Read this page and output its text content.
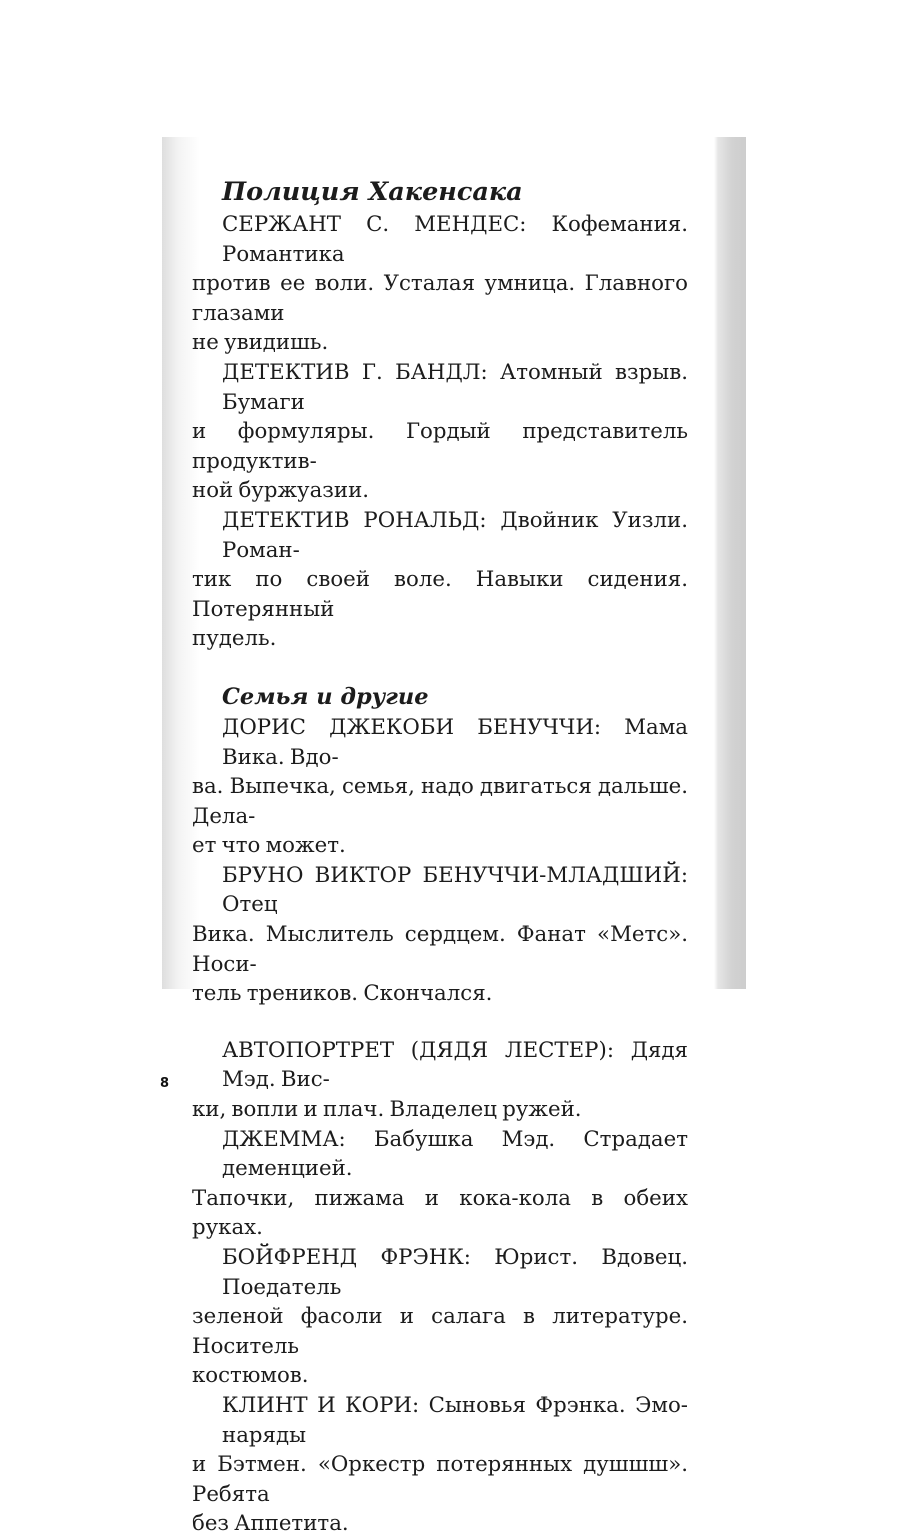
Полиция Хакенсака
СЕРЖАНТ С. МЕНДЕС: Кофемания. Романтика
против ее воли. Усталая умница. Главного глазами
не увидишь.
ДЕТЕКТИВ Г. БАНДЛ: Атомный взрыв. Бумаги
и формуляры. Гордый представитель продуктив-
ной буржуазии.
ДЕТЕКТИВ РОНАЛЬД: Двойник Уизли. Роман-
тик по своей воле. Навыки сидения. Потерянный
пудель.
Семья и другие
ДОРИС ДЖЕКОБИ БЕНУЧЧИ: Мама Вика. Вдо-
ва. Выпечка, семья, надо двигаться дальше. Дела-
ет что может.
БРУНО ВИКТОР БЕНУЧЧИ-МЛАДШИЙ: Отец
Вика. Мыслитель сердцем. Фанат «Метс». Носи-
тель треников. Скончался.
АВТОПОРТРЕТ (ДЯДЯ ЛЕСТЕР): Дядя Мэд. Вис-
ки, вопли и плач. Владелец ружей.
ДЖЕММА: Бабушка Мэд. Страдает деменцией.
Тапочки, пижама и кока-кола в обеих руках.
БОЙФРЕНД ФРЭНК: Юрист. Вдовец. Поедатель
зеленой фасоли и салага в литературе. Носитель
костюмов.
КЛИНТ И КОРИ: Сыновья Фрэнка. Эмо-наряды
и Бэтмен. «Оркестр потерянных душшш». Ребята
без Аппетита.
8
